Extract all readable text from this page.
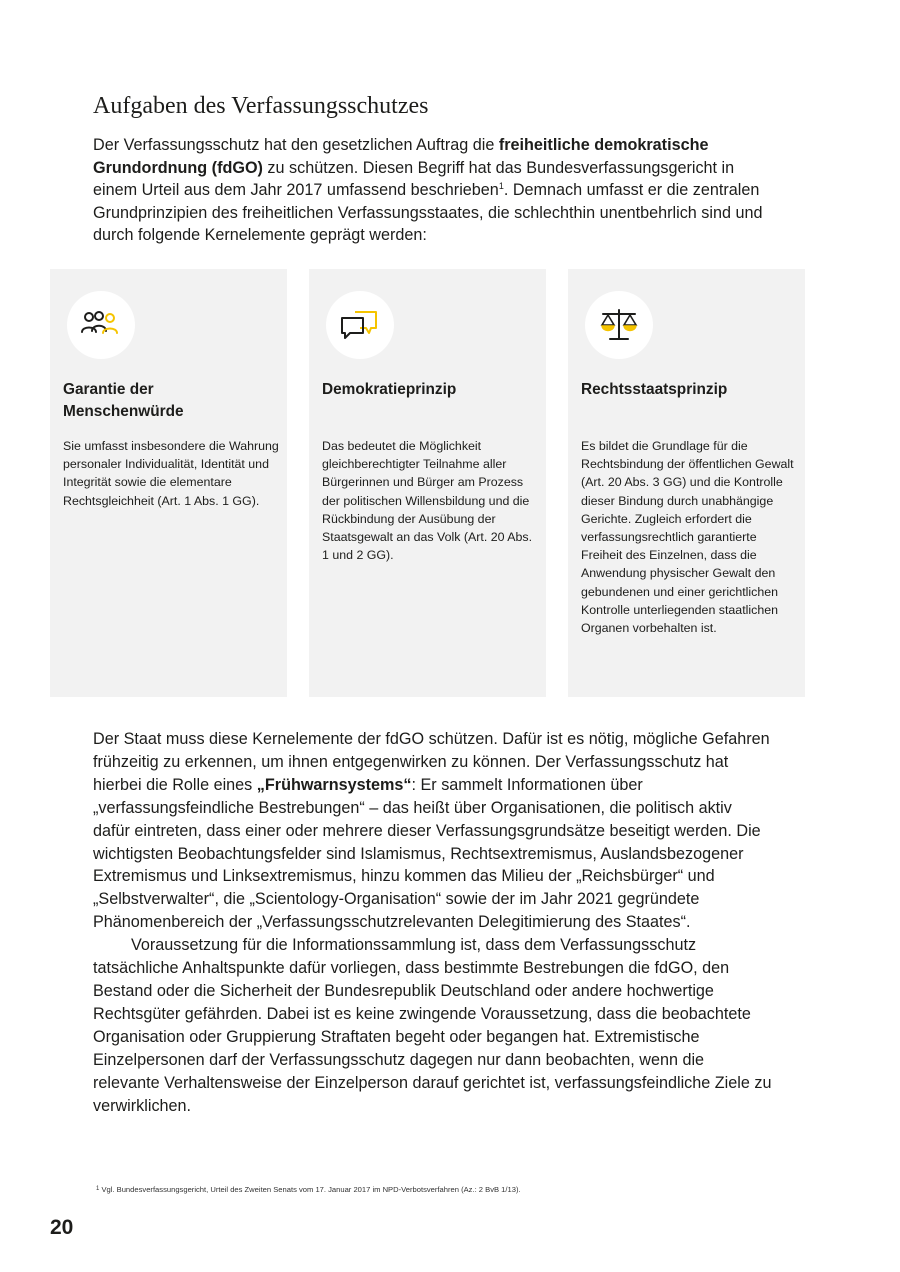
Aufgaben des Verfassungsschutzes

Der Verfassungsschutz hat den gesetzlichen Auftrag die freiheitliche demokratische Grundordnung (fdGO) zu schützen. Diesen Begriff hat das Bundesverfassungsgericht in einem Urteil aus dem Jahr 2017 umfassend beschrieben$^1$. Demnach umfasst er die zentralen Grundprinzipien des freiheitlichen Verfassungsstaates, die schlechthin unentbehrlich sind und durch folgende Kernelemente geprägt werden:

Garantie der Menschenwürde

Sie umfasst insbesondere die Wahrung personaler Individualität, Identität und Integrität sowie die elementare Rechtsgleichheit (Art. 1 Abs. 1 GG).

Demokratieprinzip

Das bedeutet die Möglichkeit gleichberechtigter Teilnahme aller Bürgerinnen und Bürger am Prozess der politischen Willensbildung und die Rückbindung der Ausübung der Staatsgewalt an das Volk (Art. 20 Abs. 1 und 2 GG).

Rechtsstaatsprinzip

Es bildet die Grundlage für die Rechtsbindung der öffentlichen Gewalt (Art. 20 Abs. 3 GG) und die Kontrolle dieser Bindung durch unabhängige Gerichte. Zugleich erfordert die verfassungsrechtlich garantierte Freiheit des Einzelnen, dass die Anwendung physischer Gewalt den gebundenen und einer gerichtlichen Kontrolle unterliegenden staatlichen Organen vorbehalten ist.

Der Staat muss diese Kernelemente der fdGO schützen. Dafür ist es nötig, mögliche Gefahren frühzeitig zu erkennen, um ihnen entgegenwirken zu können. Der Verfassungsschutz hat hierbei die Rolle eines „Frühwarnsystems“: Er sammelt Informationen über „verfassungsfeindliche Bestrebungen“ – das heißt über Organisationen, die politisch aktiv dafür eintreten, dass einer oder mehrere dieser Verfassungsgrundsätze beseitigt werden. Die wichtigsten Beobachtungsfelder sind Islamismus, Rechtsextremismus, Auslandsbezogener Extremismus und Linksextremismus, hinzu kommen das Milieu der „Reichsbürger“ und „Selbstverwalter“, die „Scientology-Organisation“ sowie der im Jahr 2021 gegründete Phänomenbereich der „Verfassungsschutzrelevanten Delegitimierung des Staates“.

Voraussetzung für die Informationssammlung ist, dass dem Verfassungsschutz tatsächliche Anhaltspunkte dafür vorliegen, dass bestimmte Bestrebungen die fdGO, den Bestand oder die Sicherheit der Bundesrepublik Deutschland oder andere hochwertige Rechtsgüter gefährden. Dabei ist es keine zwingende Voraussetzung, dass die beobachtete Organisation oder Gruppierung Straftaten begeht oder begangen hat. Extremistische Einzelpersonen darf der Verfassungsschutz dagegen nur dann beobachten, wenn die relevante Verhaltensweise der Einzelperson darauf gerichtet ist, verfassungsfeindliche Ziele zu verwirklichen.

$^1$ Vgl. Bundesverfassungsgericht, Urteil des Zweiten Senats vom 17. Januar 2017 im NPD-Verbotsverfahren (Az.: 2 BvB 1/13).

20
